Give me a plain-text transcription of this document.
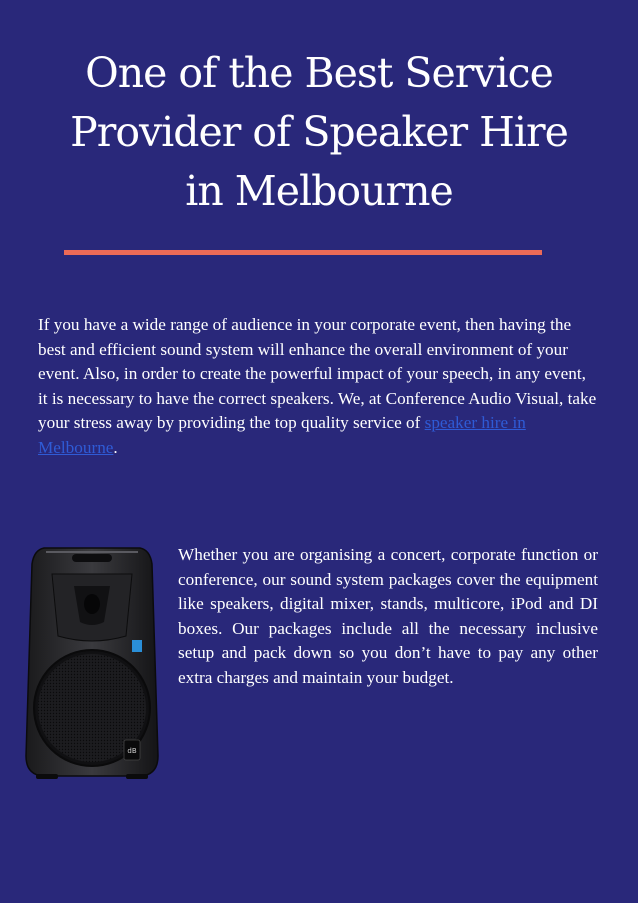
One of the Best Service
Provider of Speaker Hire
in Melbourne

If you have a wide range of audience in your corporate event, then having the best and efficient sound system will enhance the overall environment of your event. Also, in order to create the powerful impact of your speech, in any event, it is necessary to have the correct speakers. We, at Conference Audio Visual, take your stress away by providing the top quality service of speaker hire in Melbourne.

dB

Whether you are organising a concert, corporate function or conference, our sound system packages cover the equipment like speakers, digital mixer, stands, multicore, iPod and DI boxes. Our packages include all the necessary inclusive setup and pack down so you don’t have to pay any other extra charges and maintain your budget.
